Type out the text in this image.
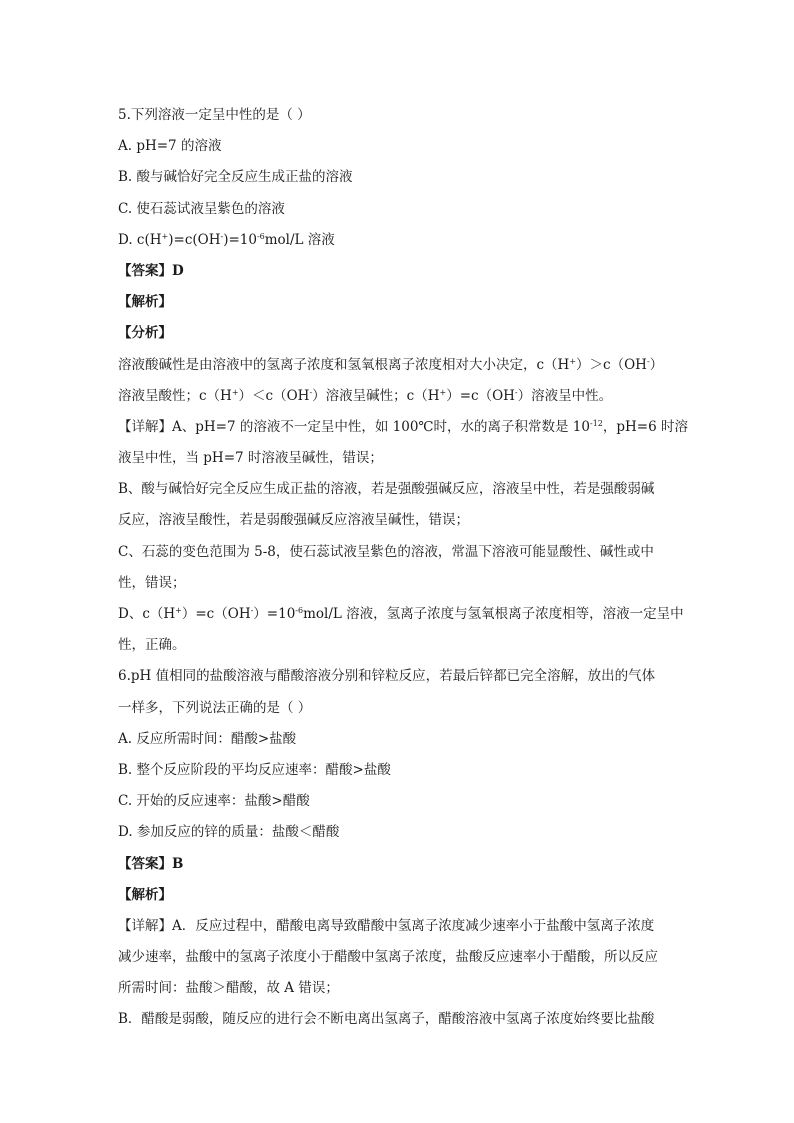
5.下列溶液一定呈中性的是（ ）
A. pH=7 的溶液
B. 酸与碱恰好完全反应生成正盐的溶液
C. 使石蕊试液呈紫色的溶液
D. $c(H^+)=c(OH^-)=10^{-6}mol/L$ 溶液
【答案】D
【解析】
【分析】
溶液酸碱性是由溶液中的氢离子浓度和氢氧根离子浓度相对大小决定，c（H+）＞c（OH-）
溶液呈酸性；c（H+）＜c（OH-）溶液呈碱性；c（H+）=c（OH-）溶液呈中性。
【详解】A、pH=7 的溶液不一定呈中性，如 100℃时，水的离子积常数是 $10^{-12}$，pH=6 时溶
液呈中性，当 pH=7 时溶液呈碱性，错误；
B、酸与碱恰好完全反应生成正盐的溶液，若是强酸强碱反应，溶液呈中性，若是强酸弱碱
反应，溶液呈酸性，若是弱酸强碱反应溶液呈碱性，错误；
C、石蕊的变色范围为 5-8，使石蕊试液呈紫色的溶液，常温下溶液可能显酸性、碱性或中
性，错误；
D、$c(H^+)=c(OH^-)=10^{-6}mol/L$ 溶液，氢离子浓度与氢氧根离子浓度相等，溶液一定呈中
性，正确。
6.pH 值相同的盐酸溶液与醋酸溶液分别和锌粒反应，若最后锌都已完全溶解，放出的气体
一样多，下列说法正确的是（ ）
A. 反应所需时间：醋酸>盐酸
B. 整个反应阶段的平均反应速率：醋酸>盐酸
C. 开始的反应速率：盐酸>醋酸
D. 参加反应的锌的质量：盐酸＜醋酸
【答案】B
【解析】
【详解】A．反应过程中，醋酸电离导致醋酸中氢离子浓度减少速率小于盐酸中氢离子浓度
减少速率，盐酸中的氢离子浓度小于醋酸中氢离子浓度，盐酸反应速率小于醋酸，所以反应
所需时间：盐酸＞醋酸，故 A 错误；
B．醋酸是弱酸，随反应的进行会不断电离出氢离子，醋酸溶液中氢离子浓度始终要比盐酸
